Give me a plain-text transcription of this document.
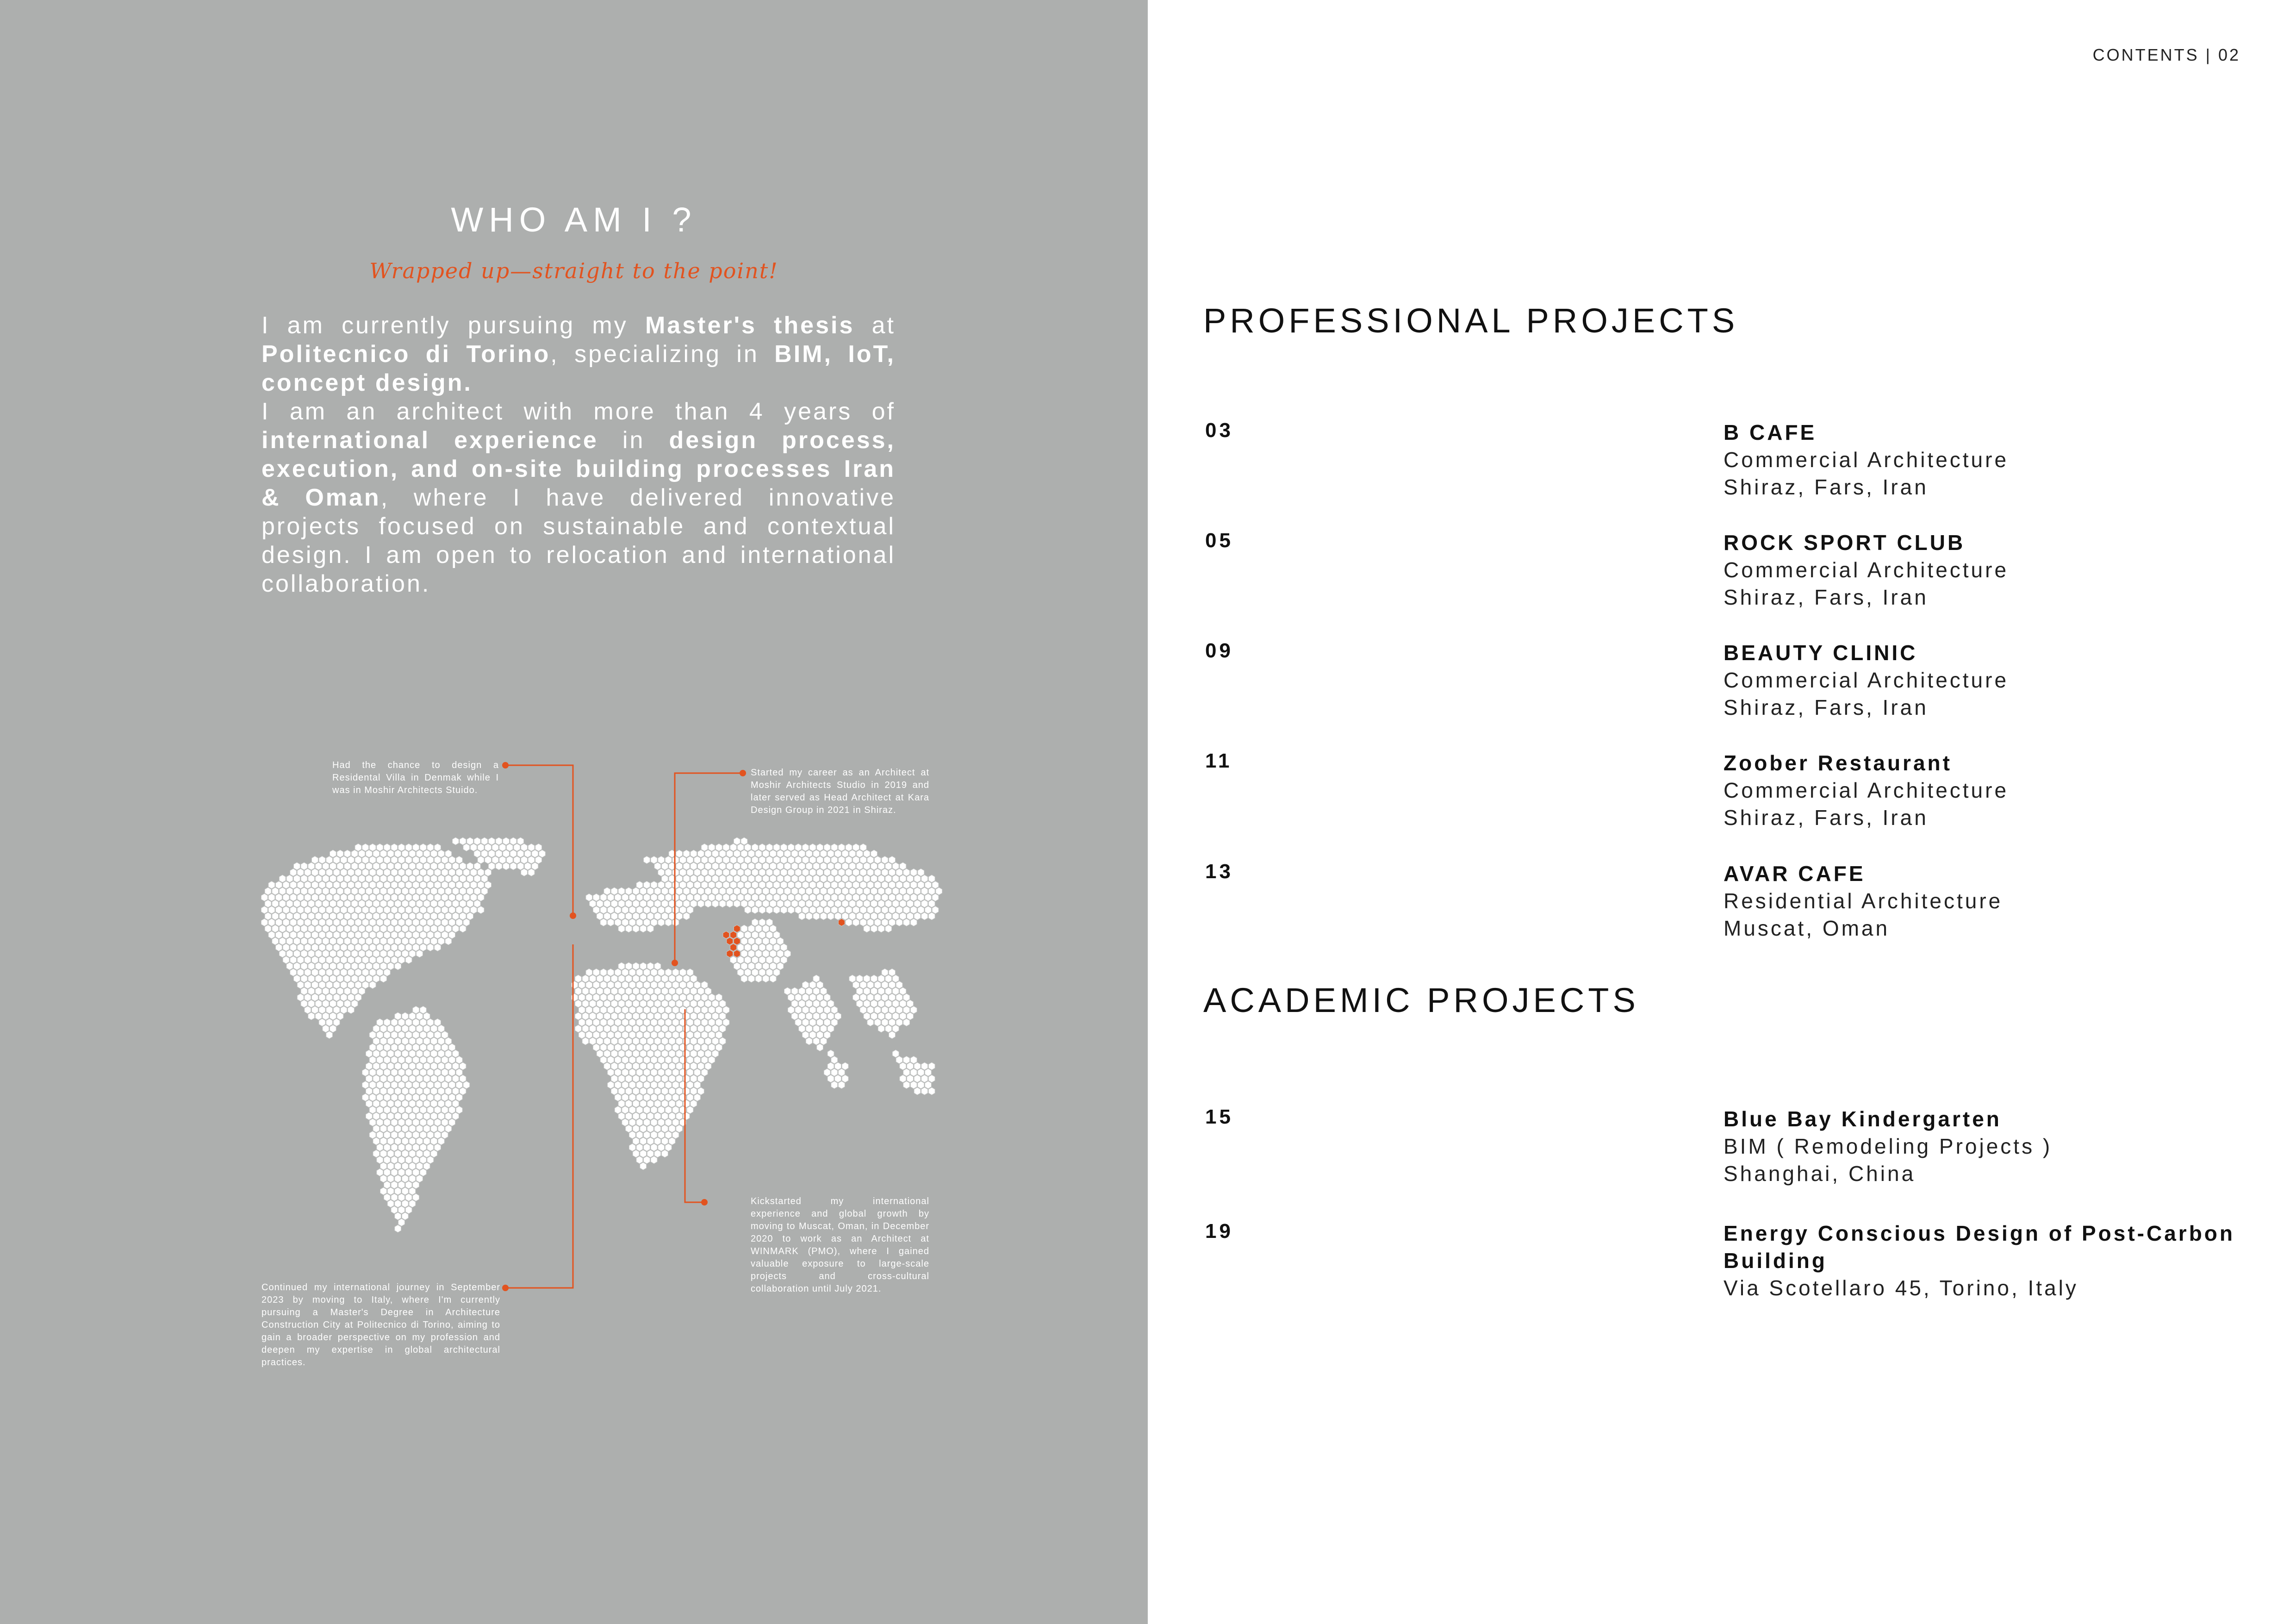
WHO AM I ?
Wrapped up—straight to the point!

I am currently pursuing my Master's thesis at Politecnico di Torino, specializing in BIM, IoT, concept design.

I am an architect with more than 4 years of international experience in design process, execution, and on-site building processes Iran & Oman, where I have delivered innovative projects focused on sustainable and contextual design. I am open to relocation and international collaboration.

Had the chance to design a Residental Villa in Denmak while I was in Moshir Architects Stuido.

Started my career as an Architect at Moshir Architects Studio in 2019 and later served as Head Architect at Kara Design Group in 2021 in Shiraz.

Kickstarted my international experience and global growth by moving to Muscat, Oman, in December 2020 to work as an Architect at WINMARK (PMO), where I gained valuable exposure to large-scale projects and cross-cultural collaboration until July 2021.

Continued my international journey in September 2023 by moving to Italy, where I'm currently pursuing a Master's Degree in Architecture Construction City at Politecnico di Torino, aiming to gain a broader perspective on my profession and deepen my expertise in global architectural practices.

CONTENTS | 02
PROFESSIONAL PROJECTS
03	B CAFE
Commercial Architecture
Shiraz, Fars, Iran
05	ROCK SPORT CLUB
Commercial Architecture
Shiraz, Fars, Iran
09	BEAUTY CLINIC
Commercial Architecture
Shiraz, Fars, Iran
11	Zoober Restaurant
Commercial Architecture
Shiraz, Fars, Iran
13	AVAR CAFE
Residential Architecture
Muscat, Oman
ACADEMIC PROJECTS
15	Blue Bay Kindergarten
BIM ( Remodeling Projects )
Shanghai, China
19	Energy Conscious Design of Post-Carbon Building
Via Scotellaro 45, Torino, Italy
